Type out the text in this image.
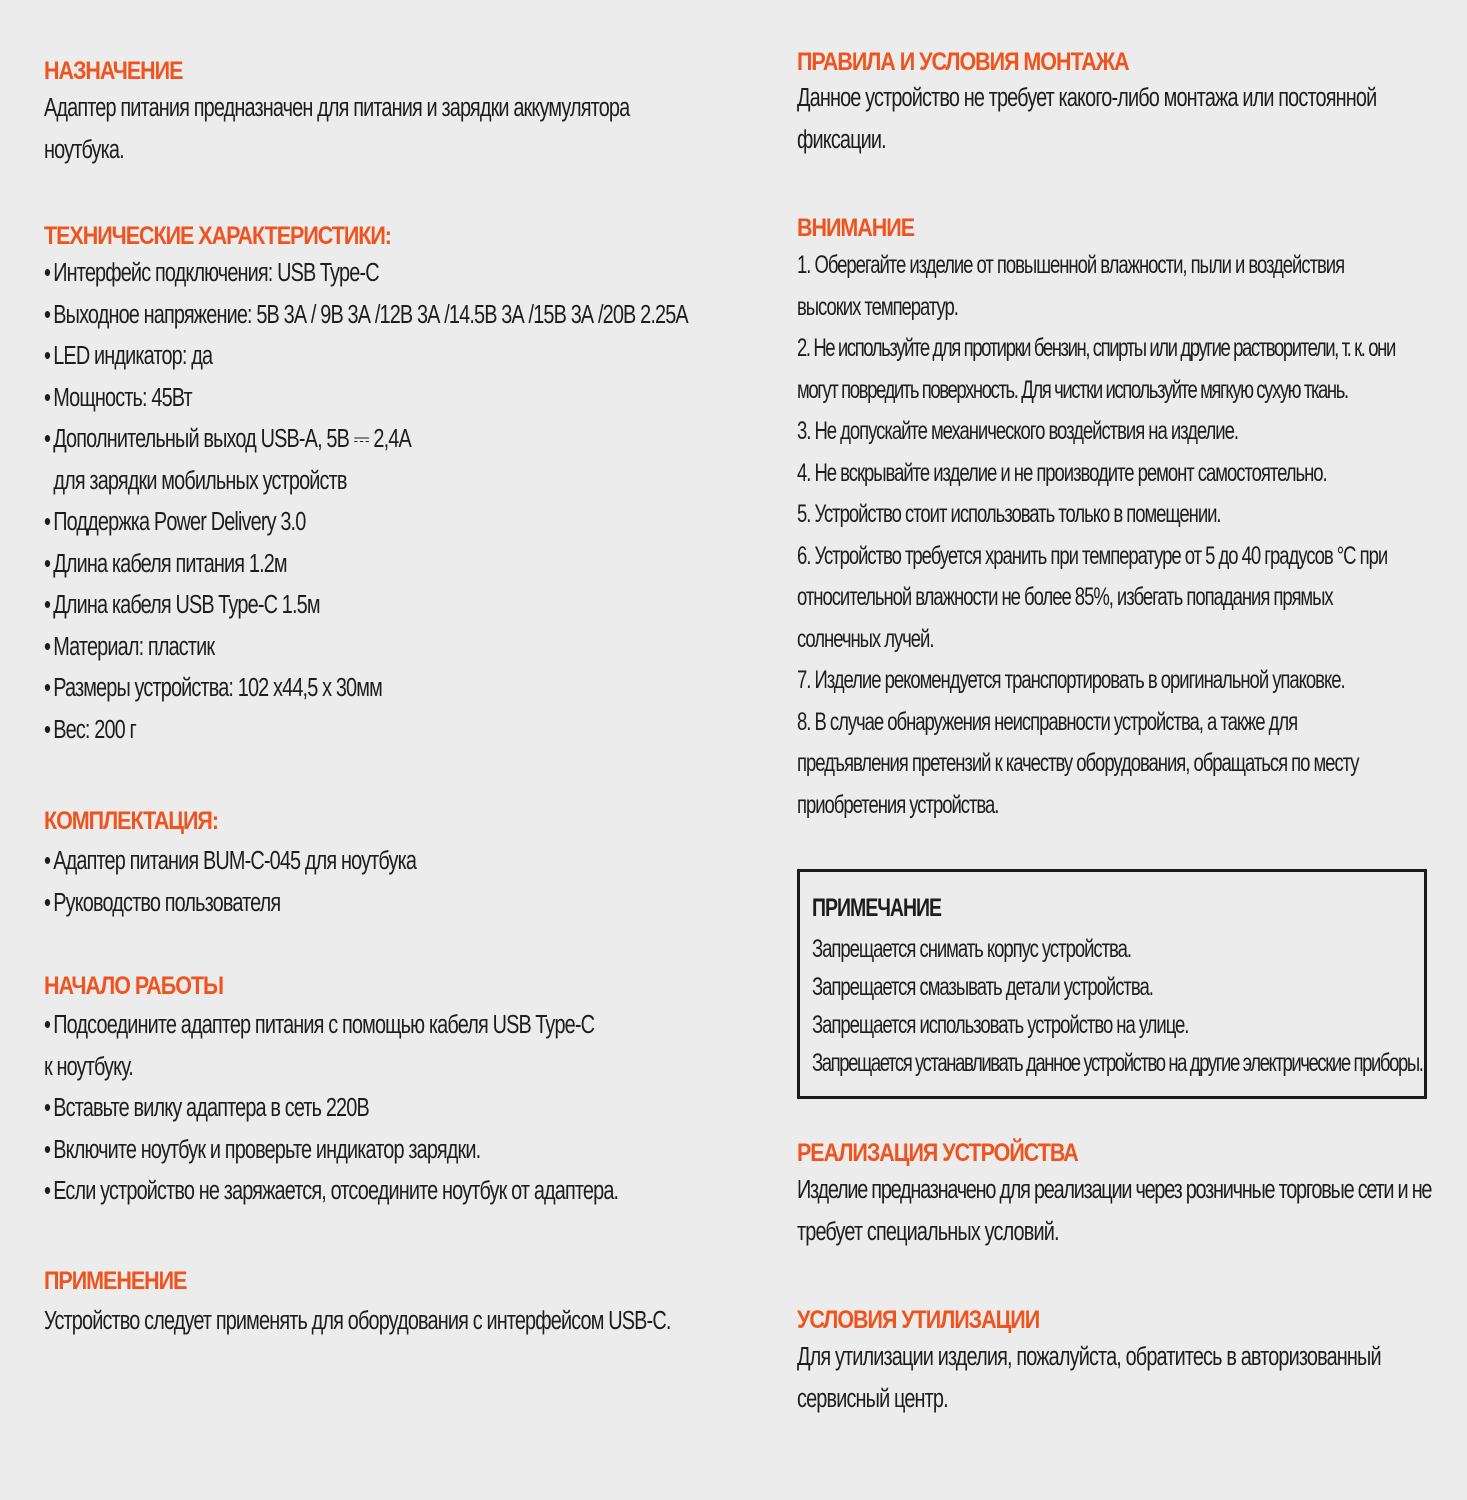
НАЗНАЧЕНИЕ
Адаптер питания предназначен для питания и зарядки аккумулятора
ноутбука.
ТЕХНИЧЕСКИЕ ХАРАКТЕРИСТИКИ:
• Интерфейс подключения: USB Type-C
• Выходное напряжение: 5В 3А / 9В 3А /12В 3А /14.5В 3А /15В 3А /20В 2.25А
• LED индикатор: да
• Мощность: 45Вт
• Дополнительный выход USB-A, 5В ⎓ 2,4А
для зарядки мобильных устройств
• Поддержка Power Delivery 3.0
• Длина кабеля питания 1.2м
• Длина кабеля USB Type-C 1.5м
• Материал: пластик
• Размеры устройства: 102 х44,5 х 30мм
• Вес: 200 г
КОМПЛЕКТАЦИЯ:
• Адаптер питания BUM-C-045 для ноутбука
• Руководство пользователя
НАЧАЛО РАБОТЫ
• Подсоедините адаптер питания с помощью кабеля USB Type-C
к ноутбуку.
• Вставьте вилку адаптера в сеть 220В
• Включите ноутбук и проверьте индикатор зарядки.
• Если устройство не заряжается, отсоедините ноутбук от адаптера.
ПРИМЕНЕНИЕ
Устройство следует применять для оборудования с интерфейсом USB-C.
ПРАВИЛА И УСЛОВИЯ МОНТАЖА
Данное устройство не требует какого-либо монтажа или постоянной
фиксации.
ВНИМАНИЕ
1. Оберегайте изделие от повышенной влажности, пыли и воздействия
высоких температур.
2. Не используйте для протирки бензин, спирты или другие растворители, т. к. они
могут повредить поверхность. Для чистки используйте мягкую сухую ткань.
3. Не допускайте механического воздействия на изделие.
4. Не вскрывайте изделие и не производите ремонт самостоятельно.
5. Устройство стоит использовать только в помещении.
6. Устройство требуется хранить при температуре от 5 до 40 градусов °С при
относительной влажности не более 85%, избегать попадания прямых
солнечных лучей.
7. Изделие рекомендуется транспортировать в оригинальной упаковке.
8. В случае обнаружения неисправности устройства, а также для
предъявления претензий к качеству оборудования, обращаться по месту
приобретения устройства.
ПРИМЕЧАНИЕ
Запрещается снимать корпус устройства.
Запрещается смазывать детали устройства.
Запрещается использовать устройство на улице.
Запрещается устанавливать данное устройство на другие электрические приборы.
РЕАЛИЗАЦИЯ УСТРОЙСТВА
Изделие предназначено для реализации через розничные торговые сети и не
требует специальных условий.
УСЛОВИЯ УТИЛИЗАЦИИ
Для утилизации изделия, пожалуйста, обратитесь в авторизованный
сервисный центр.
